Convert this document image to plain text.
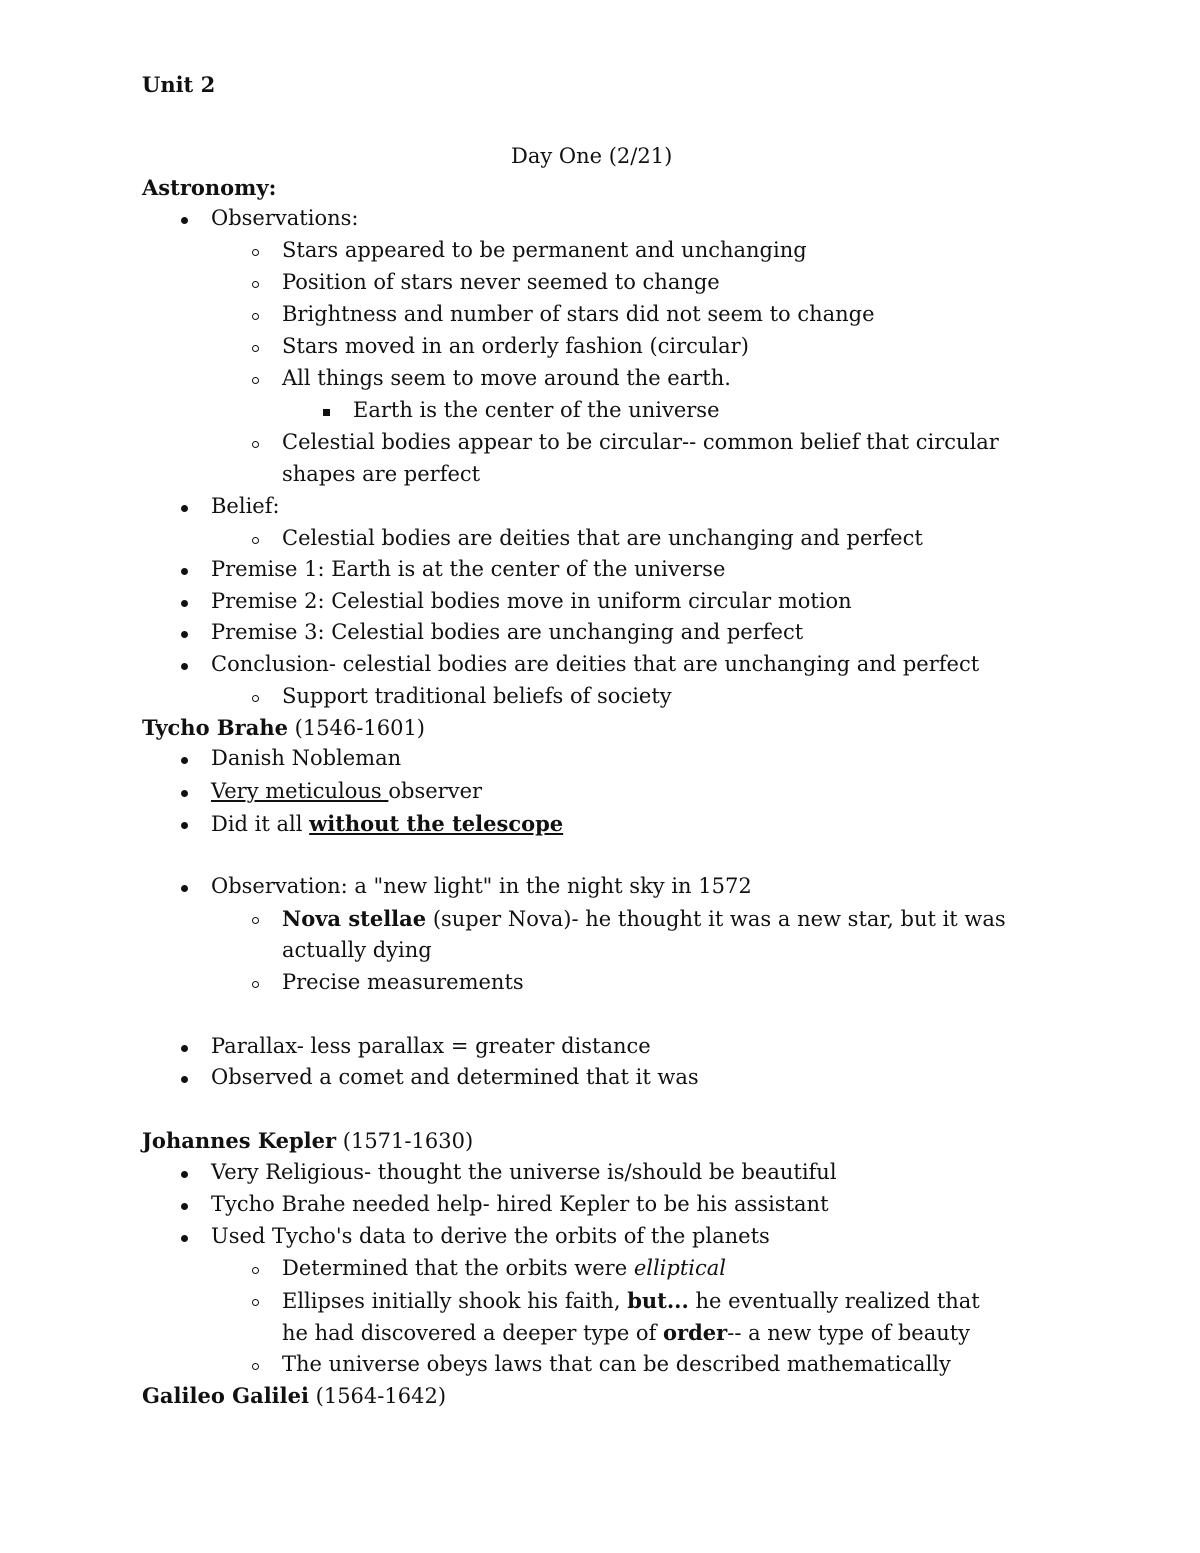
Unit 2
Day One (2/21)
Astronomy:
Observations:
Stars appeared to be permanent and unchanging
Position of stars never seemed to change
Brightness and number of stars did not seem to change
Stars moved in an orderly fashion (circular)
All things seem to move around the earth.
Earth is the center of the universe
Celestial bodies appear to be circular-- common belief that circular
shapes are perfect
Belief:
Celestial bodies are deities that are unchanging and perfect
Premise 1: Earth is at the center of the universe
Premise 2: Celestial bodies move in uniform circular motion
Premise 3: Celestial bodies are unchanging and perfect
Conclusion- celestial bodies are deities that are unchanging and perfect
Support traditional beliefs of society
Tycho Brahe (1546-1601)
Danish Nobleman
Very meticulous observer
Did it all without the telescope
Observation: a "new light" in the night sky in 1572
Nova stellae (super Nova)- he thought it was a new star, but it was
actually dying
Precise measurements
Parallax- less parallax = greater distance
Observed a comet and determined that it was
Johannes Kepler (1571-1630)
Very Religious- thought the universe is/should be beautiful
Tycho Brahe needed help- hired Kepler to be his assistant
Used Tycho's data to derive the orbits of the planets
Determined that the orbits were elliptical
Ellipses initially shook his faith, but... he eventually realized that
he had discovered a deeper type of order-- a new type of beauty
The universe obeys laws that can be described mathematically
Galileo Galilei (1564-1642)
